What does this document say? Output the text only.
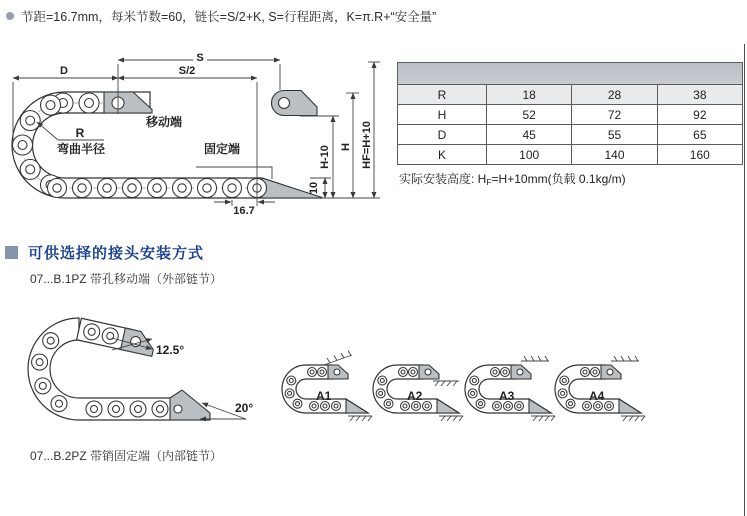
节距=16.7mm，每米节数=60，链长=S/2+K, S=行程距离，K=π.R+“安全量”
S
D	S/2
移动端
R
弯曲半径	固定端
16.7
10
H-10 H HF=H+10
R	18	28	38
H	52	72	92
D	45	55	65
K	100	140	160
实际安装高度: $H_F=H+10mm$(负载 0.1kg/m)
可供选择的接头安装方式
07...B.1PZ 带孔移动端（外部链节）
07...B.2PZ 带销固定端（内部链节）
12.5°
20°
A1	A2	A3	A4
